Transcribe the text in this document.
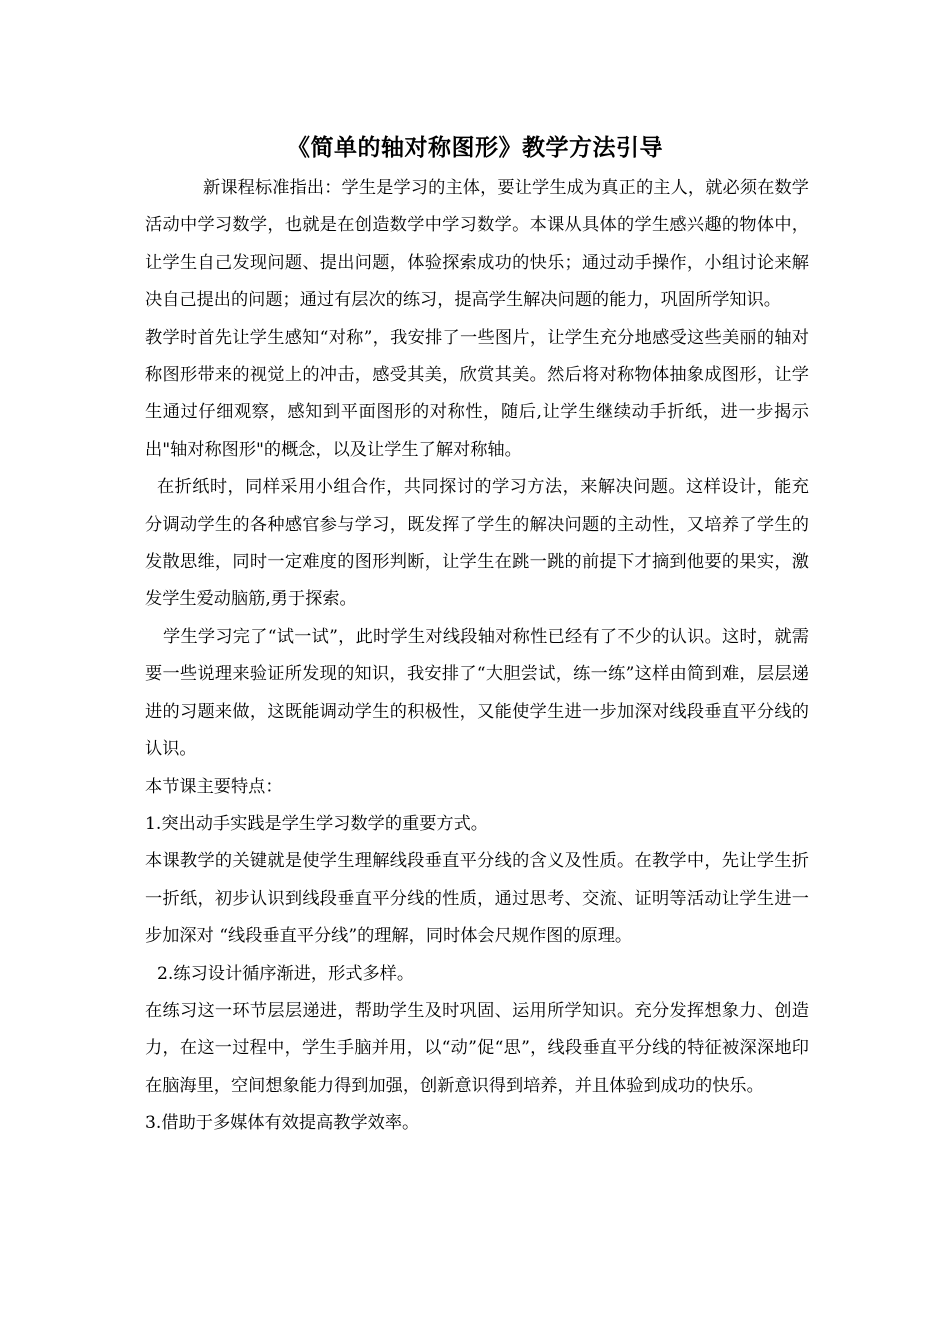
《简单的轴对称图形》教学方法引导

新课程标准指出：学生是学习的主体，要让学生成为真正的主人，就必须在数学活动中学习数学，也就是在创造数学中学习数学。本课从具体的学生感兴趣的物体中，让学生自己发现问题、提出问题，体验探索成功的快乐；通过动手操作，小组讨论来解决自己提出的问题；通过有层次的练习，提高学生解决问题的能力，巩固所学知识。

教学时首先让学生感知“对称”，我安排了一些图片，让学生充分地感受这些美丽的轴对称图形带来的视觉上的冲击，感受其美，欣赏其美。然后将对称物体抽象成图形，让学生通过仔细观察，感知到平面图形的对称性，随后,让学生继续动手折纸，进一步揭示出"轴对称图形"的概念，以及让学生了解对称轴。

在折纸时，同样采用小组合作，共同探讨的学习方法，来解决问题。这样设计，能充分调动学生的各种感官参与学习，既发挥了学生的解决问题的主动性，又培养了学生的发散思维，同时一定难度的图形判断，让学生在跳一跳的前提下才摘到他要的果实，激发学生爱动脑筋,勇于探索。

学生学习完了“试一试”，此时学生对线段轴对称性已经有了不少的认识。这时，就需要一些说理来验证所发现的知识，我安排了“大胆尝试，练一练”这样由简到难，层层递进的习题来做，这既能调动学生的积极性，又能使学生进一步加深对线段垂直平分线的认识。

本节课主要特点：

1.突出动手实践是学生学习数学的重要方式。

本课教学的关键就是使学生理解线段垂直平分线的含义及性质。在教学中，先让学生折一折纸，初步认识到线段垂直平分线的性质，通过思考、交流、证明等活动让学生进一步加深对 “线段垂直平分线”的理解，同时体会尺规作图的原理。

2.练习设计循序渐进，形式多样。

在练习这一环节层层递进，帮助学生及时巩固、运用所学知识。充分发挥想象力、创造力，在这一过程中，学生手脑并用，以“动”促“思”，线段垂直平分线的特征被深深地印在脑海里，空间想象能力得到加强，创新意识得到培养，并且体验到成功的快乐。

3.借助于多媒体有效提高教学效率。
